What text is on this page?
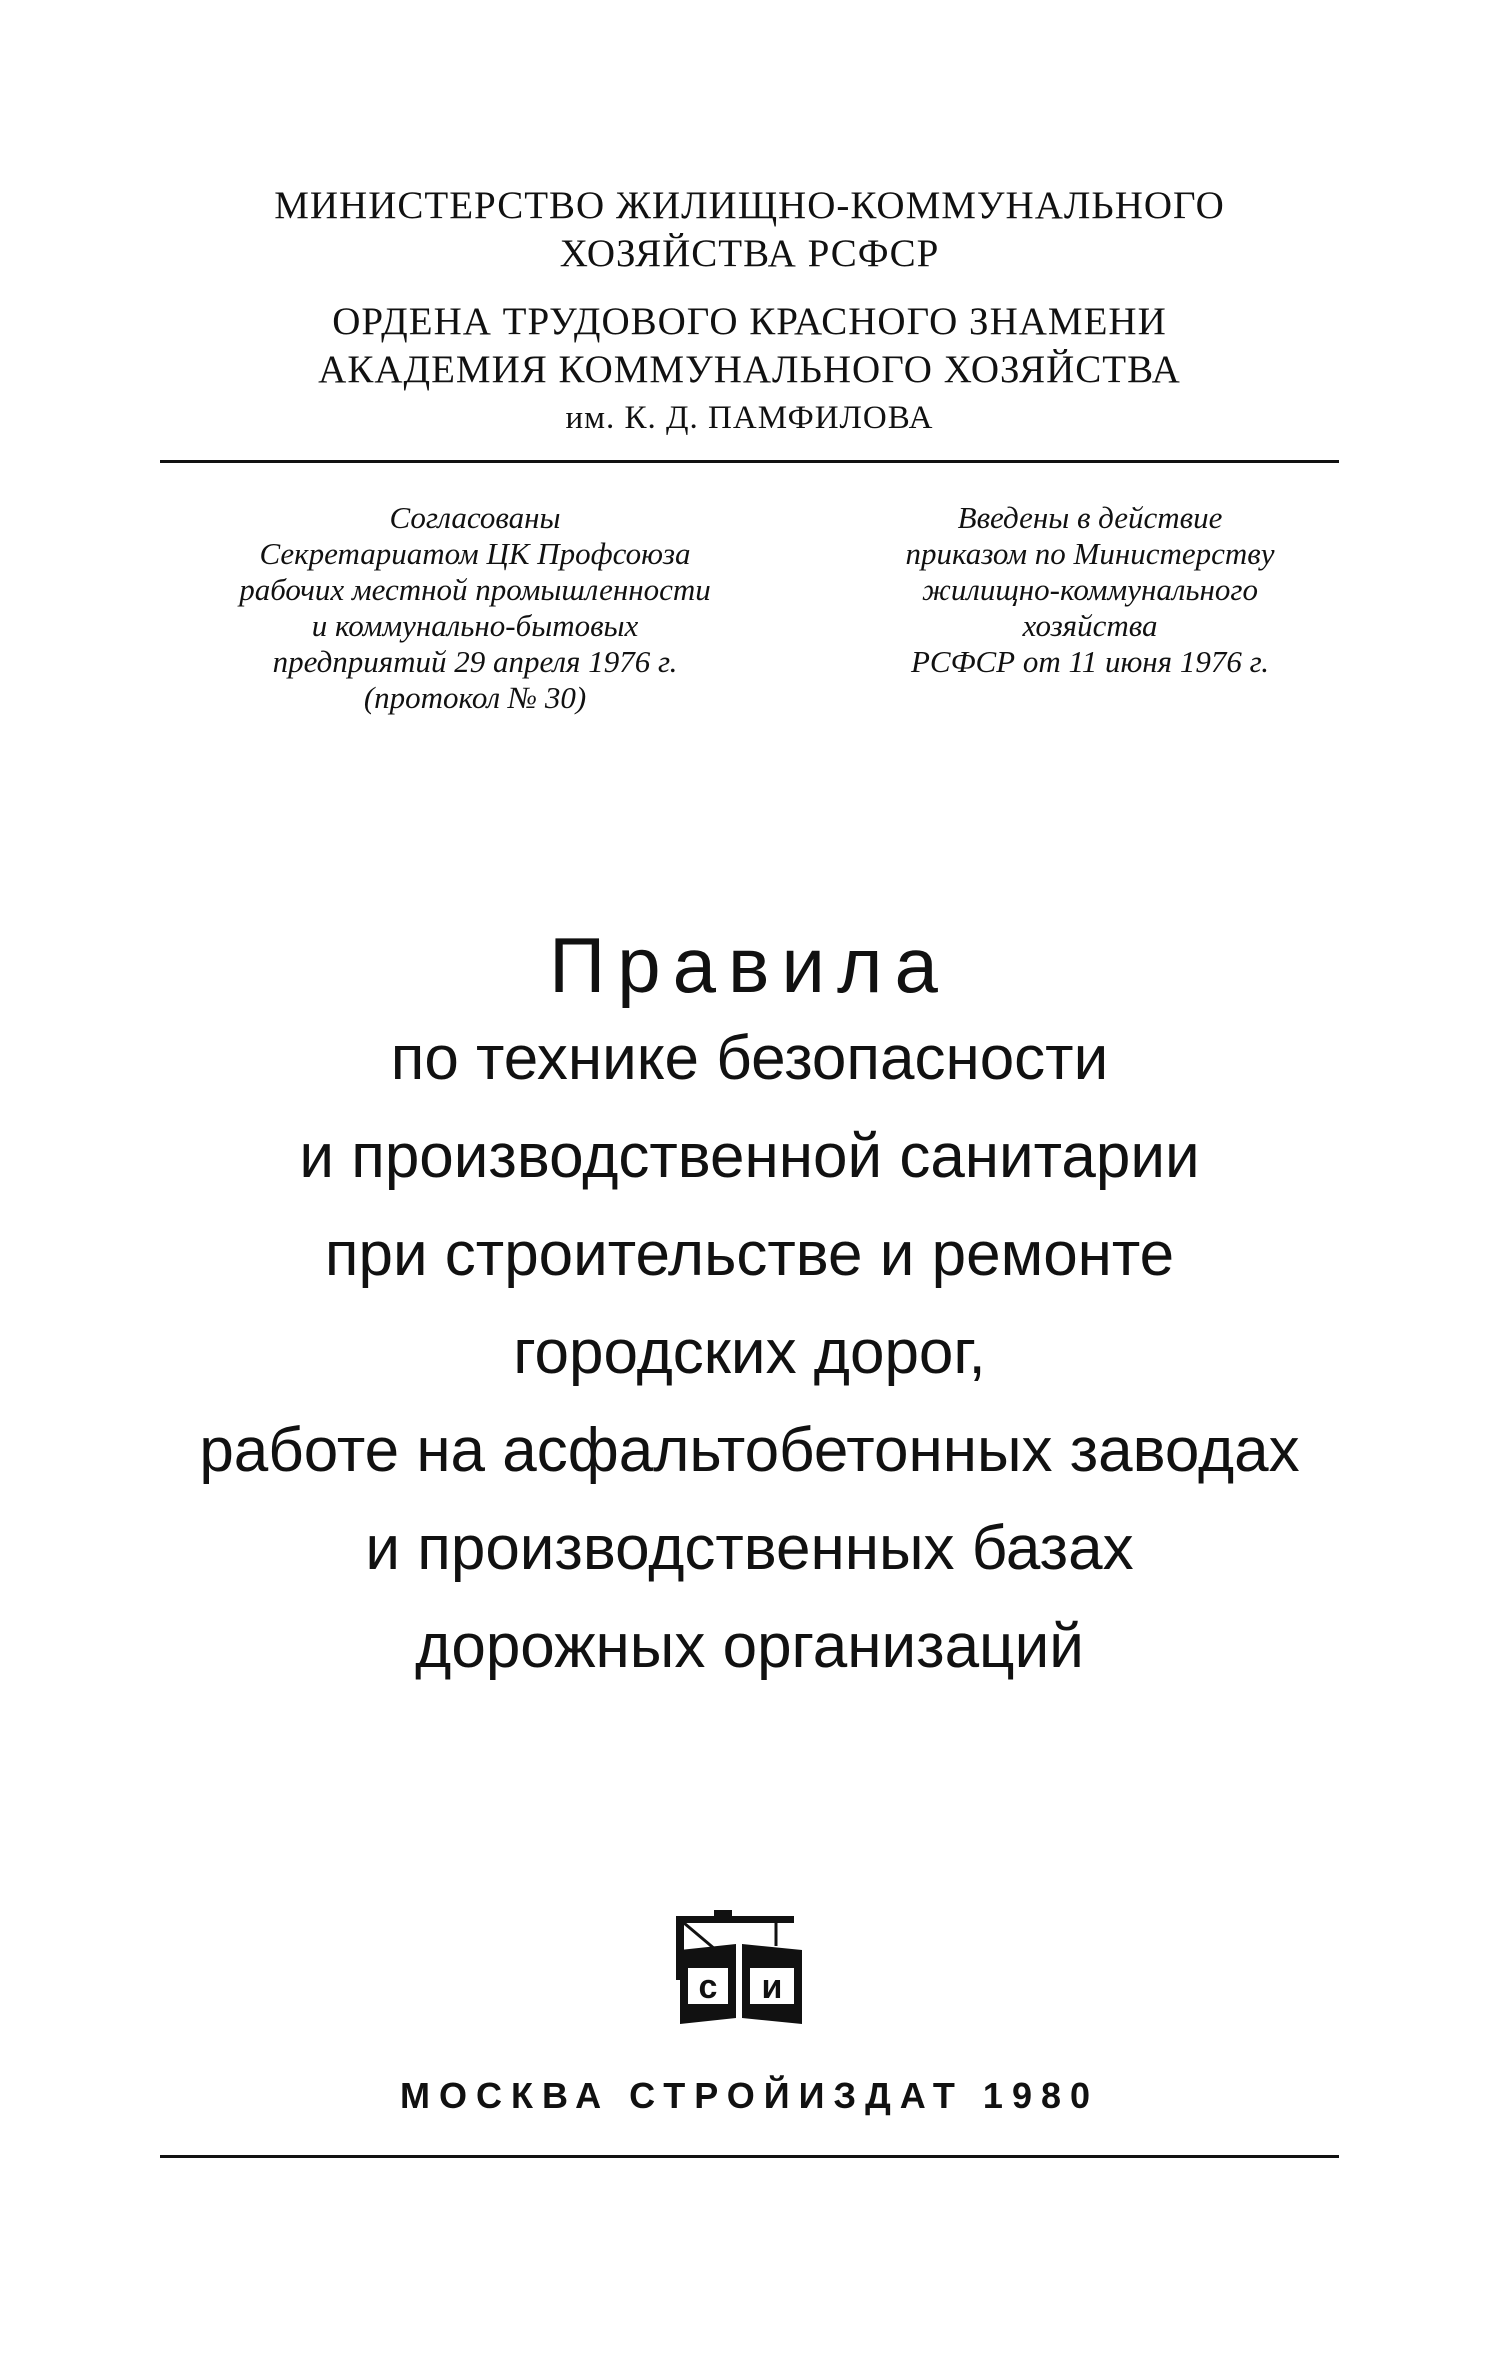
МИНИСТЕРСТВО ЖИЛИЩНО-КОММУНАЛЬНОГО
ХОЗЯЙСТВА РСФСР
ОРДЕНА ТРУДОВОГО КРАСНОГО ЗНАМЕНИ
АКАДЕМИЯ КОММУНАЛЬНОГО ХОЗЯЙСТВА
им. К. Д. ПАМФИЛОВА
Согласованы
Секретариатом ЦК Профсоюза
рабочих местной промышленности
и коммунально-бытовых
предприятий 29 апреля 1976 г.
(протокол № 30)
Введены в действие
приказом по Министерству
жилищно-коммунального
хозяйства
РСФСР от 11 июня 1976 г.
Правила
по технике безопасности
и производственной санитарии
при строительстве и ремонте
городских дорог,
работе на асфальтобетонных заводах
и производственных базах
дорожных организаций
с и
МОСКВА СТРОЙИЗДАТ 1980
